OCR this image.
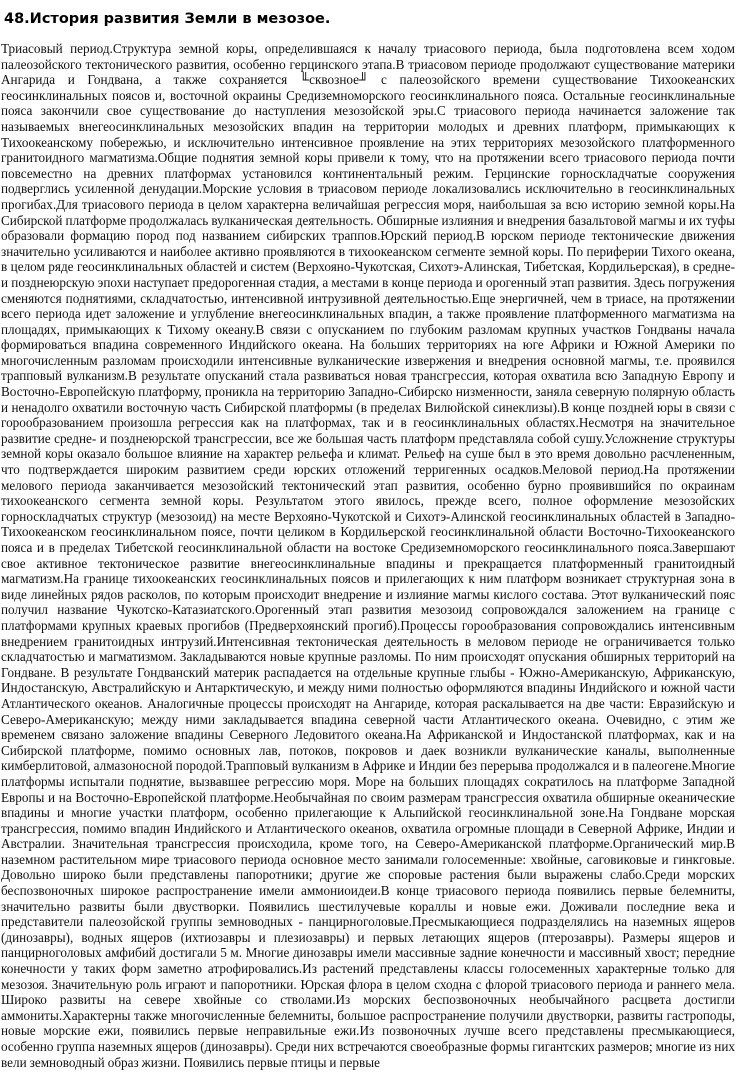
48.История развития Земли в мезозое.

Триасовый период.Структура земной коры, определившаяся к началу триасового периода, была подготовлена всем ходом палеозойского тектонического развития, особенно герцинского этапа.В триасовом периоде продолжают существование материки Ангарида и Гондвана, а также сохраняется ╙сквозное╜ с палеозойского времени существование Тихоокеанских геосинклинальных поясов и, восточной окраины Средиземноморского геосинклинального пояса. Остальные геосинклинальные пояса закончили свое существование до наступления мезозойской эры.С триасового периода начинается заложение так называемых внегеосинклинальных мезозойских впадин на территории молодых и древних платформ, примыкающих к Тихоокеанскому побережью, и исключительно интенсивное проявление на этих территориях мезозойского платформенного гранитоидного магматизма.Общие поднятия земной коры привели к тому, что на протяжении всего триасового периода почти повсеместно на древних платформах установился континентальный режим. Герцинские горноскладчатые сооружения подверглись усиленной денудации.Морские условия в триасовом периоде локализовались исключительно в геосинклинальных прогибах.Для триасового периода в целом характерна величайшая регрессия моря, наибольшая за всю историю земной коры.На Сибирской платформе продолжалась вулканическая деятельность. Обширные излияния и внедрения базальтовой магмы и их туфы образовали формацию пород под названием сибирских траппов.Юрский период.В юрском периоде тектонические движения значительно усиливаются и наиболее активно проявляются в тихоокеанском сегменте земной коры. По периферии Тихого океана, в целом ряде геосинклинальных областей и систем (Верхояно-Чукотская, Сихотэ-Алинская, Тибетская, Кордильерская), в средне- и позднеюрскую эпохи наступает предорогенная стадия, а местами в конце периода и орогенный этап развития. Здесь погружения сменяются поднятиями, складчатостью, интенсивной интрузивной деятельностью.Еще энергичней, чем в триасе, на протяжении всего периода идет заложение и углубление внегеосинклинальных впадин, а также проявление платформенного магматизма на площадях, примыкающих к Тихому океану.В связи с опусканием по глубоким разломам крупных участков Гондваны начала формироваться впадина современного Индийского океана. На больших территориях на юге Африки и Южной Америки по многочисленным разломам происходили интенсивные вулканические извержения и внедрения основной магмы, т.е. проявился трапповый вулканизм.В результате опусканий стала развиваться новая трансгрессия, которая охватила всю Западную Европу и Восточно-Европейскую платформу, проникла на территорию Западно-Сибирско низменности, заняла северную полярную область и ненадолго охватили восточную часть Сибирской платформы (в пределах Вилюйской синеклизы).В конце поздней юры в связи с горообразованием произошла регрессия как на платформах, так и в геосинклинальных областях.Несмотря на значительное развитие средне- и позднеюрской трансгрессии, все же большая часть платформ представляла собой сушу.Усложнение структуры земной коры оказало большое влияние на характер рельефа и климат. Рельеф на суше был в это время довольно расчлененным, что подтверждается широким развитием среди юрских отложений терригенных осадков.Меловой период.На протяжении мелового периода заканчивается мезозойский тектонический этап развития, особенно бурно проявившийся по окраинам тихоокеанского сегмента земной коры. Результатом этого явилось, прежде всего, полное оформление мезозойских горноскладчатых структур (мезозоид) на месте Верхояно-Чукотской и Сихотэ-Алинской геосинклинальных областей в Западно-Тихоокеанском геосинклинальном поясе, почти целиком в Кордильерской геосинклинальной области Восточно-Тихоокеанского пояса и в пределах Тибетской геосинклинальной области на востоке Средиземноморского геосинклинального пояса.Завершают свое активное тектоническое развитие внегеосинклинальные впадины и прекращается платформенный гранитоидный магматизм.На границе тихоокеанских геосинклинальных поясов и прилегающих к ним платформ возникает структурная зона в виде линейных рядов расколов, по которым происходит внедрение и излияние магмы кислого состава. Этот вулканический пояс получил название Чукотско-Катазиатского.Орогенный этап развития мезозоид сопровождался заложением на границе с платформами крупных краевых прогибов (Предверхоянский прогиб).Процессы горообразования сопровождались интенсивным внедрением гранитоидных интрузий.Интенсивная тектоническая деятельность в меловом периоде не ограничивается только складчатостью и магматизмом. Закладываются новые крупные разломы. По ним происходят опускания обширных территорий на Гондване. В результате Гондванский материк распадается на отдельные крупные глыбы - Южно-Американскую, Африканскую, Индостанскую, Австралийскую и Антарктическую, и между ними полностью оформляются впадины Индийского и южной части Атлантического океанов. Аналогичные процессы происходят на Ангариде, которая раскалывается на две части: Евразийскую и Северо-Американскую; между ними закладывается впадина северной части Атлантического океана. Очевидно, с этим же временем связано заложение впадины Северного Ледовитого океана.На Африканской и Индостанской платформах, как и на Сибирской платформе, помимо основных лав, потоков, покровов и даек возникли вулканические каналы, выполненные кимберлитовой, алмазоносной породой.Трапповый вулканизм в Африке и Индии без перерыва продолжался и в палеогене.Многие платформы испытали поднятие, вызвавшее регрессию моря. Море на больших площадях сократилось на платформе Западной Европы и на Восточно-Европейской платформе.Необычайная по своим размерам трансгрессия охватила обширные океанические впадины и многие участки платформ, особенно прилегающие к Альпийской геосинклинальной зоне.На Гондване морская трансгрессия, помимо впадин Индийского и Атлантического океанов, охватила огромные площади в Северной Африке, Индии и Австралии. Значительная трансгрессия происходила, кроме того, на Северо-Американской платформе.Органический мир.В наземном растительном мире триасового периода основное место занимали голосеменные: хвойные, саговиковые и гинкговые. Довольно широко были представлены папоротники; другие же споровые растения были выражены слабо.Среди морских беспозвоночных широкое распространение имели аммониоидеи.В конце триасового периода появились первые белемниты, значительно развиты были двустворки. Появились шестилучевые кораллы и новые ежи. Доживали последние века и представители палеозойской группы земноводных - панцирноголовые.Пресмыкающиеся подразделялись на наземных ящеров (динозавры), водных ящеров (ихтиозавры и плезиозавры) и первых летающих ящеров (птерозавры). Размеры ящеров и панцирноголовых амфибий достигали 5 м. Многие динозавры имели массивные задние конечности и массивный хвост; передние конечности у таких форм заметно атрофировались.Из растений представлены классы голосеменных характерные только для мезозоя. Значительную роль играют и папоротники. Юрская флора в целом сходна с флорой триасового периода и раннего мела. Широко развиты на севере хвойные со стволами.Из морских беспозвоночных необычайного расцвета достигли аммониты.Характерны также многочисленные белемниты, большое распространение получили двустворки, развиты гастроподы, новые морские ежи, появились первые неправильные ежи.Из позвоночных лучше всего представлены пресмыкающиеся, особенно группа наземных ящеров (динозавры). Среди них встречаются своеобразные формы гигантских размеров; многие из них вели земноводный образ жизни. Появились первые птицы и первые
